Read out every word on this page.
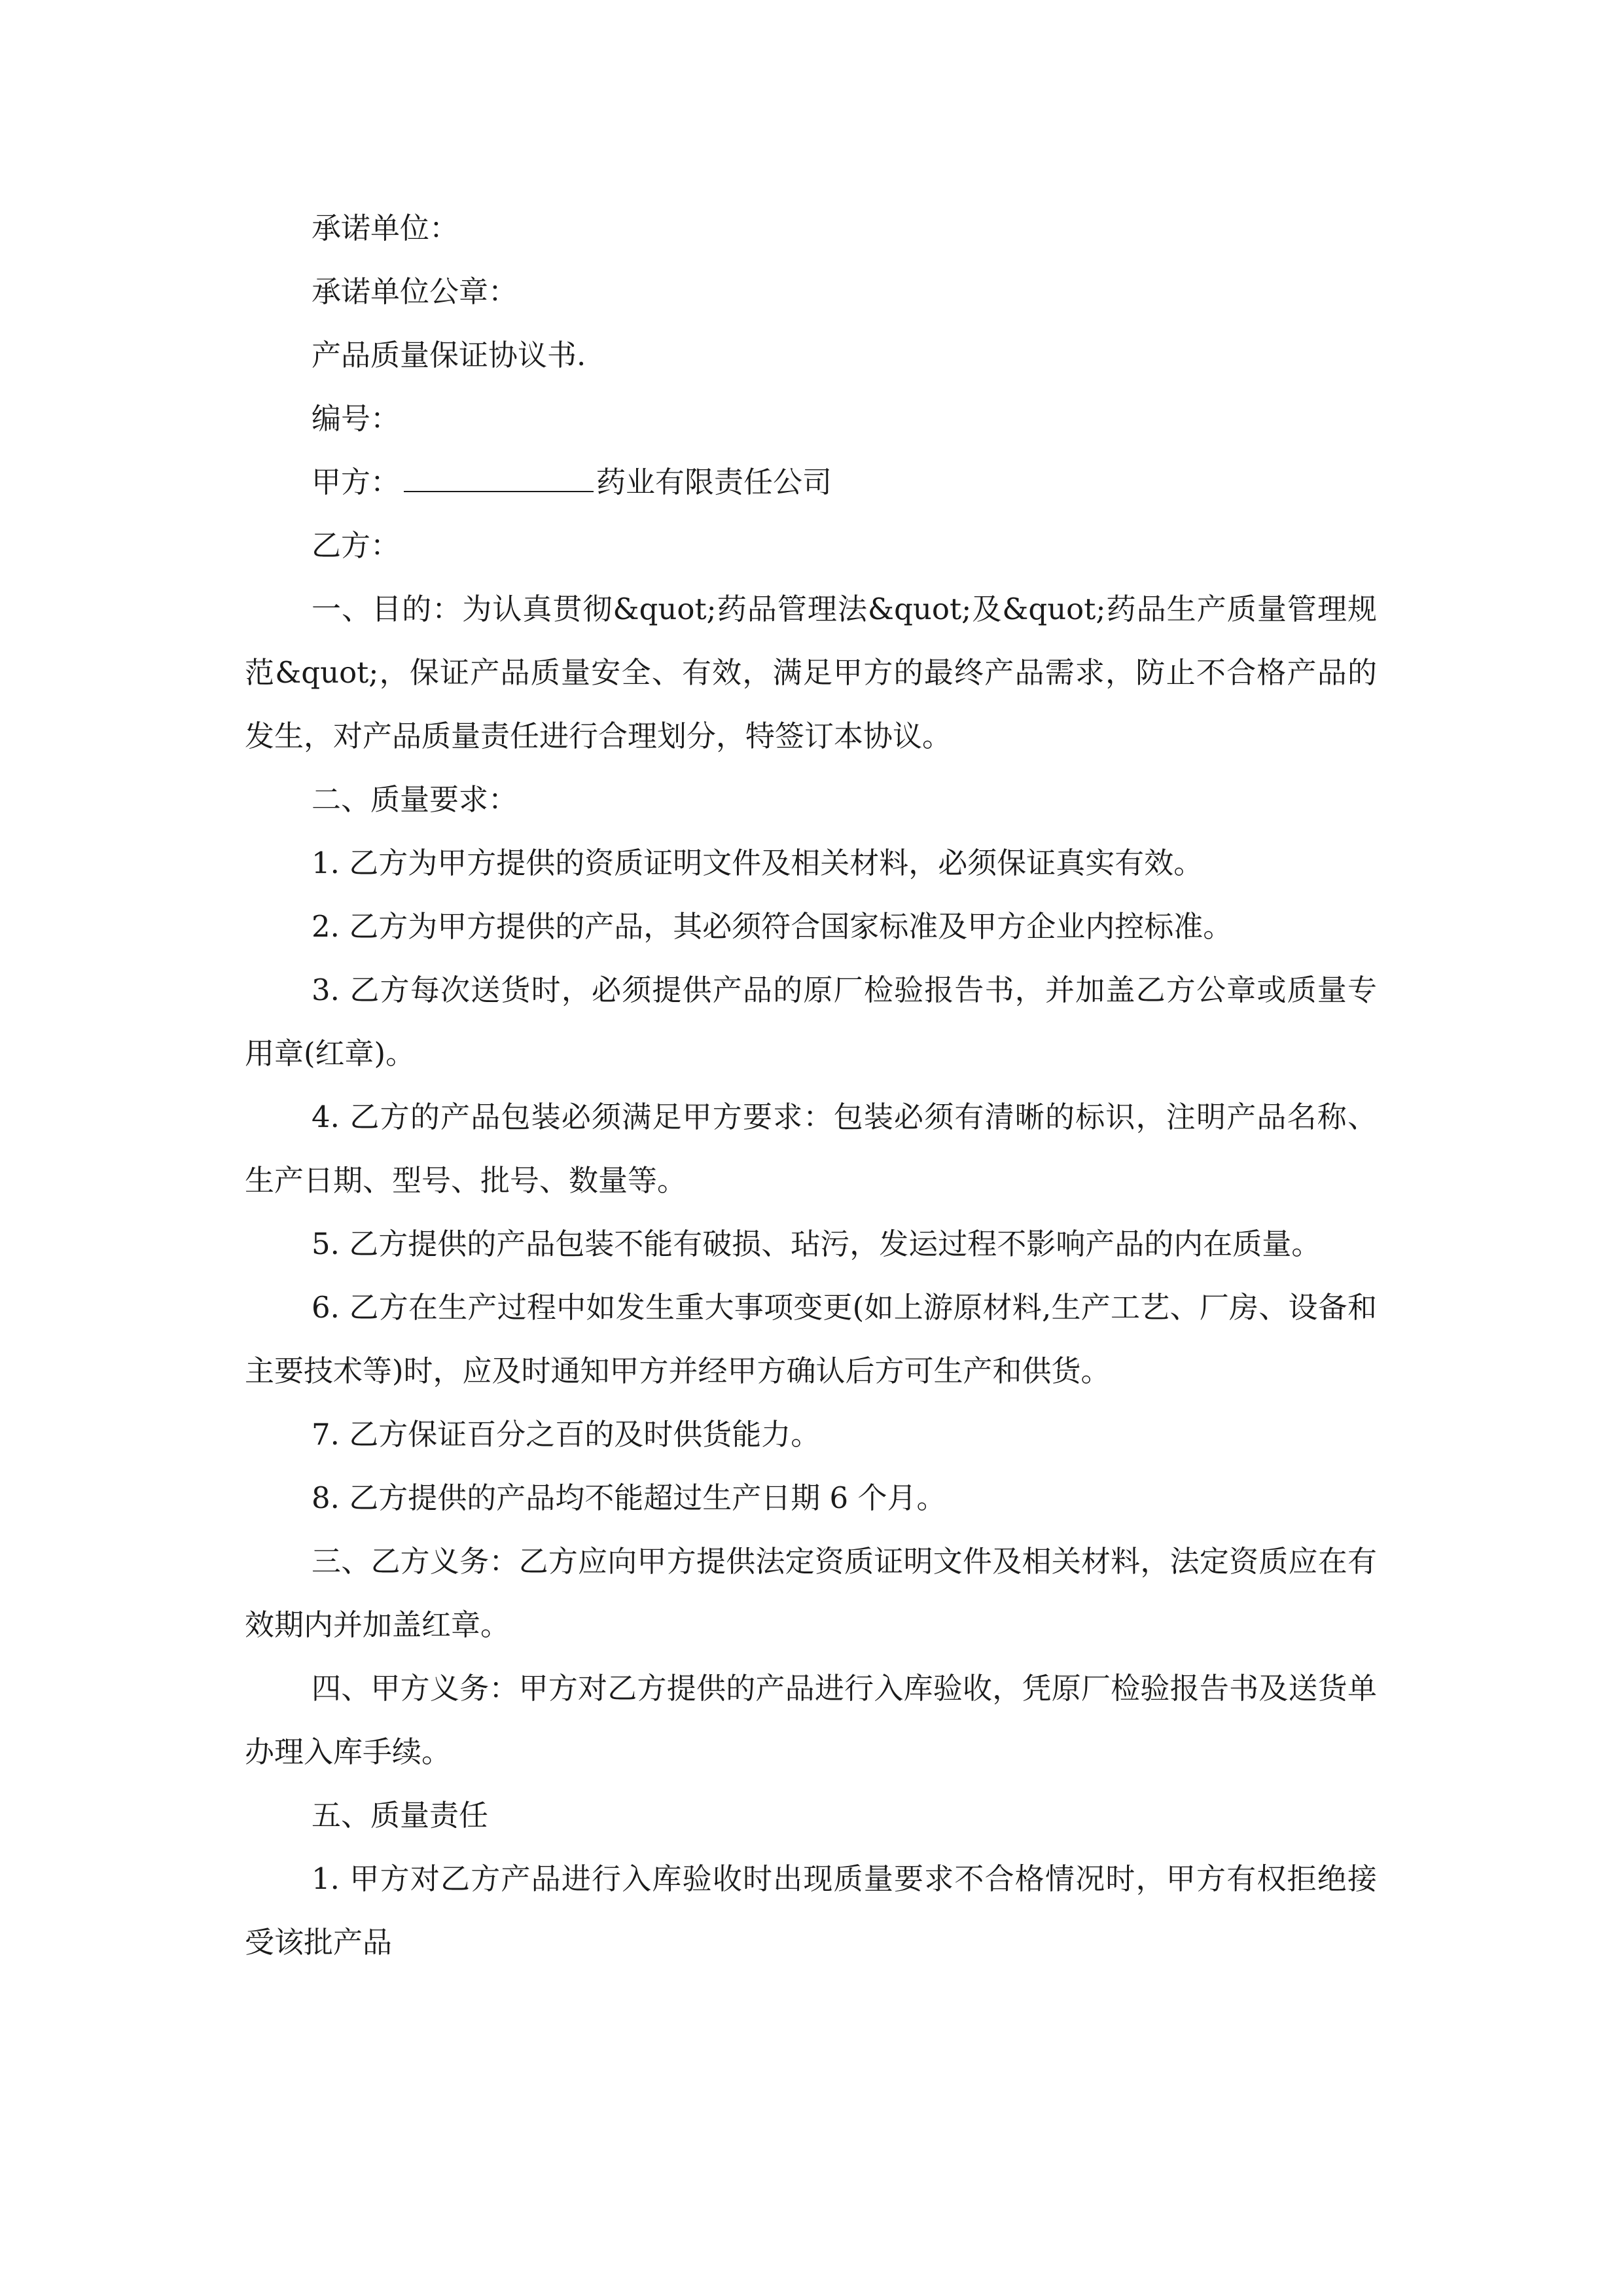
承诺单位：

承诺单位公章：

产品质量保证协议书.

编号：

甲方：	药业有限责任公司

乙方：

一、目的：为认真贯彻&quot;药品管理法&quot;及&quot;药品生产质量管理规范&quot;，保证产品质量安全、有效，满足甲方的最终产品需求，防止不合格产品的发生，对产品质量责任进行合理划分，特签订本协议。

二、质量要求：

1. 乙方为甲方提供的资质证明文件及相关材料，必须保证真实有效。

2. 乙方为甲方提供的产品，其必须符合国家标准及甲方企业内控标准。

3. 乙方每次送货时，必须提供产品的原厂检验报告书，并加盖乙方公章或质量专用章(红章)。

4. 乙方的产品包装必须满足甲方要求：包装必须有清晰的标识，注明产品名称、生产日期、型号、批号、数量等。

5. 乙方提供的产品包装不能有破损、玷污，发运过程不影响产品的内在质量。

6. 乙方在生产过程中如发生重大事项变更(如上游原材料,生产工艺、厂房、设备和主要技术等)时，应及时通知甲方并经甲方确认后方可生产和供货。

7. 乙方保证百分之百的及时供货能力。

8. 乙方提供的产品均不能超过生产日期 6 个月。

三、乙方义务：乙方应向甲方提供法定资质证明文件及相关材料，法定资质应在有效期内并加盖红章。

四、甲方义务：甲方对乙方提供的产品进行入库验收，凭原厂检验报告书及送货单办理入库手续。

五、质量责任

1. 甲方对乙方产品进行入库验收时出现质量要求不合格情况时，甲方有权拒绝接受该批产品
